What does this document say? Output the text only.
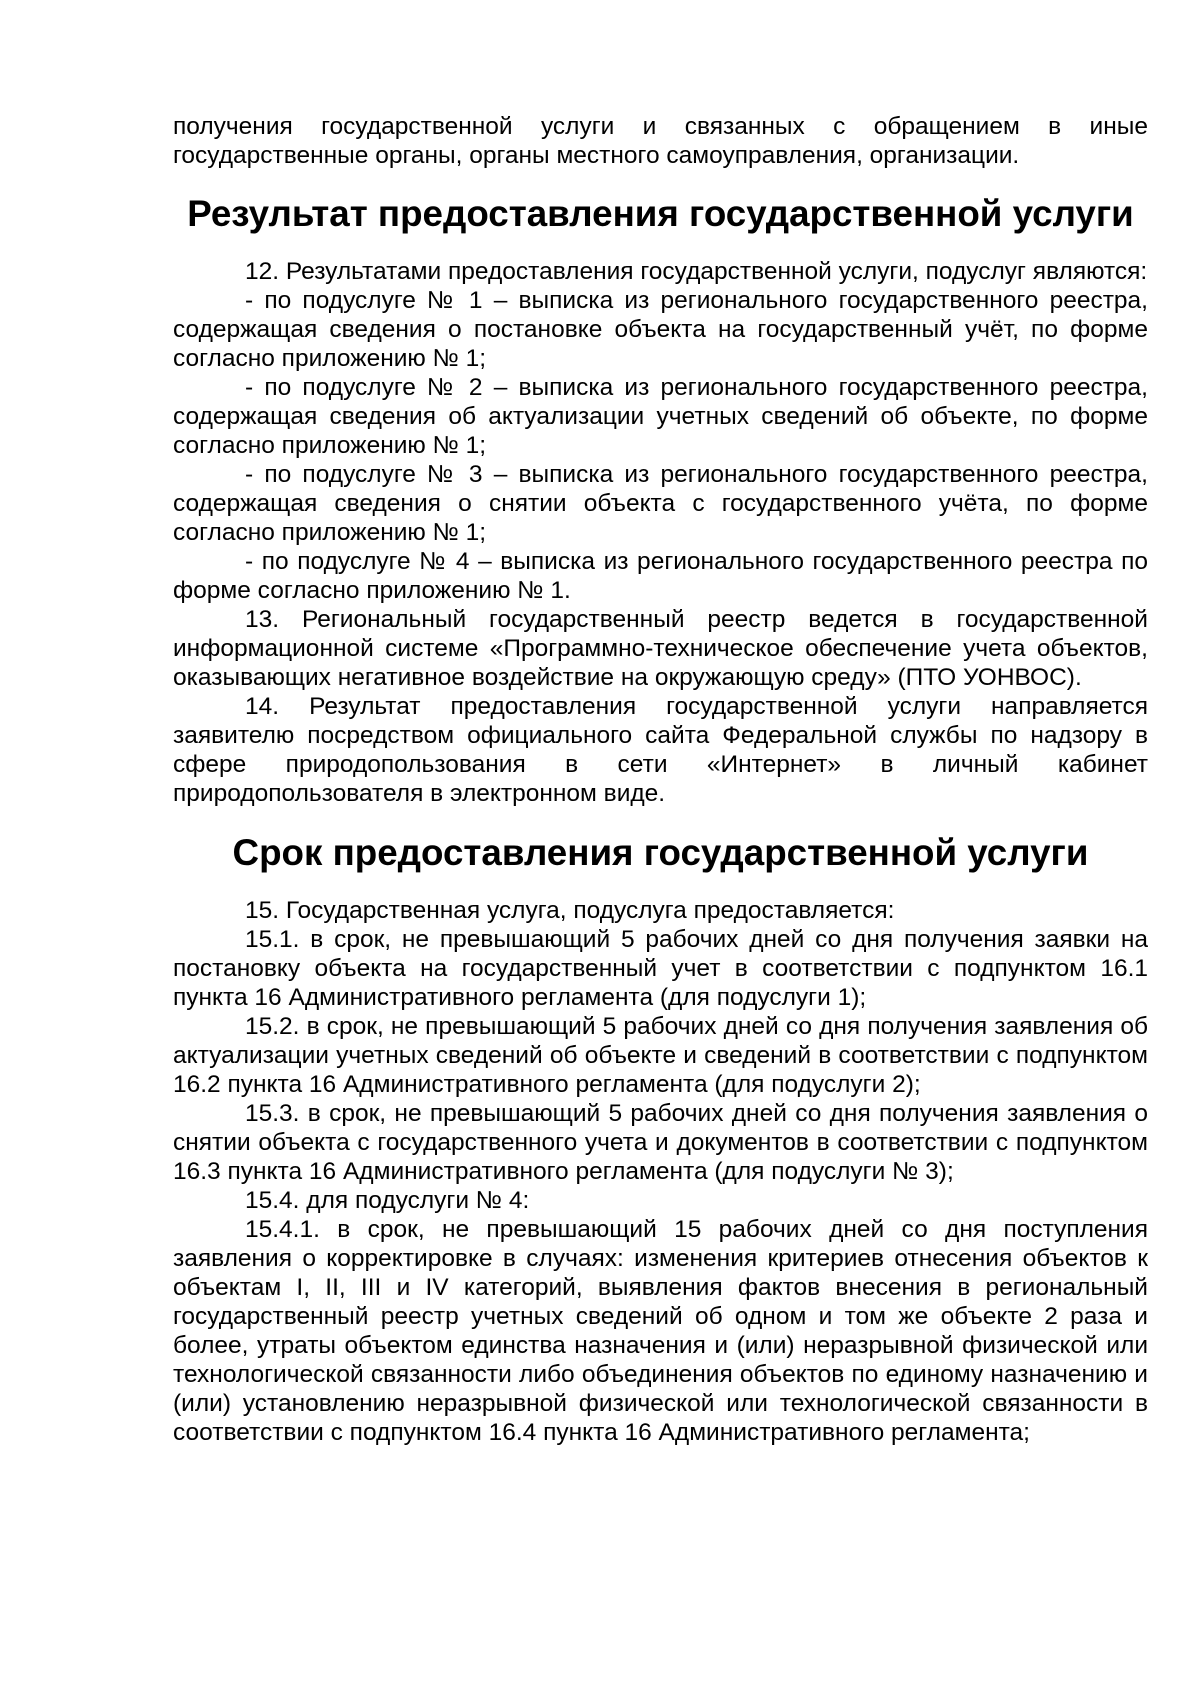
получения государственной услуги и связанных с обращением в иные государственные органы, органы местного самоуправления, организации.

Результат предоставления государственной услуги

12. Результатами предоставления государственной услуги, подуслуг являются:

- по подуслуге № 1 – выписка из регионального государственного реестра, содержащая сведения о постановке объекта на государственный учёт, по форме согласно приложению № 1;

- по подуслуге № 2 – выписка из регионального государственного реестра, содержащая сведения об актуализации учетных сведений об объекте, по форме согласно приложению № 1;

- по подуслуге № 3 – выписка из регионального государственного реестра, содержащая сведения о снятии объекта с государственного учёта, по форме согласно приложению № 1;

- по подуслуге № 4 – выписка из регионального государственного реестра по форме согласно приложению № 1.

13. Региональный государственный реестр ведется в государственной информационной системе «Программно-техническое обеспечение учета объектов, оказывающих негативное воздействие на окружающую среду» (ПТО УОНВОС).

14. Результат предоставления государственной услуги направляется заявителю посредством официального сайта Федеральной службы по надзору в сфере природопользования в сети «Интернет» в личный кабинет природопользователя в электронном виде.

Срок предоставления государственной услуги

15. Государственная услуга, подуслуга предоставляется:

15.1. в срок, не превышающий 5 рабочих дней со дня получения заявки на постановку объекта на государственный учет в соответствии с подпунктом 16.1 пункта 16 Административного регламента (для подуслуги 1);

15.2. в срок, не превышающий 5 рабочих дней со дня получения заявления об актуализации учетных сведений об объекте и сведений в соответствии с подпунктом 16.2 пункта 16 Административного регламента (для подуслуги 2);

15.3. в срок, не превышающий 5 рабочих дней со дня получения заявления о снятии объекта с государственного учета и документов в соответствии с подпунктом 16.3 пункта 16 Административного регламента (для подуслуги № 3);

15.4. для подуслуги № 4:

15.4.1. в срок, не превышающий 15 рабочих дней со дня поступления заявления о корректировке в случаях: изменения критериев отнесения объектов к объектам I, II, III и IV категорий, выявления фактов внесения в региональный государственный реестр учетных сведений об одном и том же объекте 2 раза и более, утраты объектом единства назначения и (или) неразрывной физической или технологической связанности либо объединения объектов по единому назначению и (или) установлению неразрывной физической или технологической связанности в соответствии с подпунктом 16.4 пункта 16 Административного регламента;
